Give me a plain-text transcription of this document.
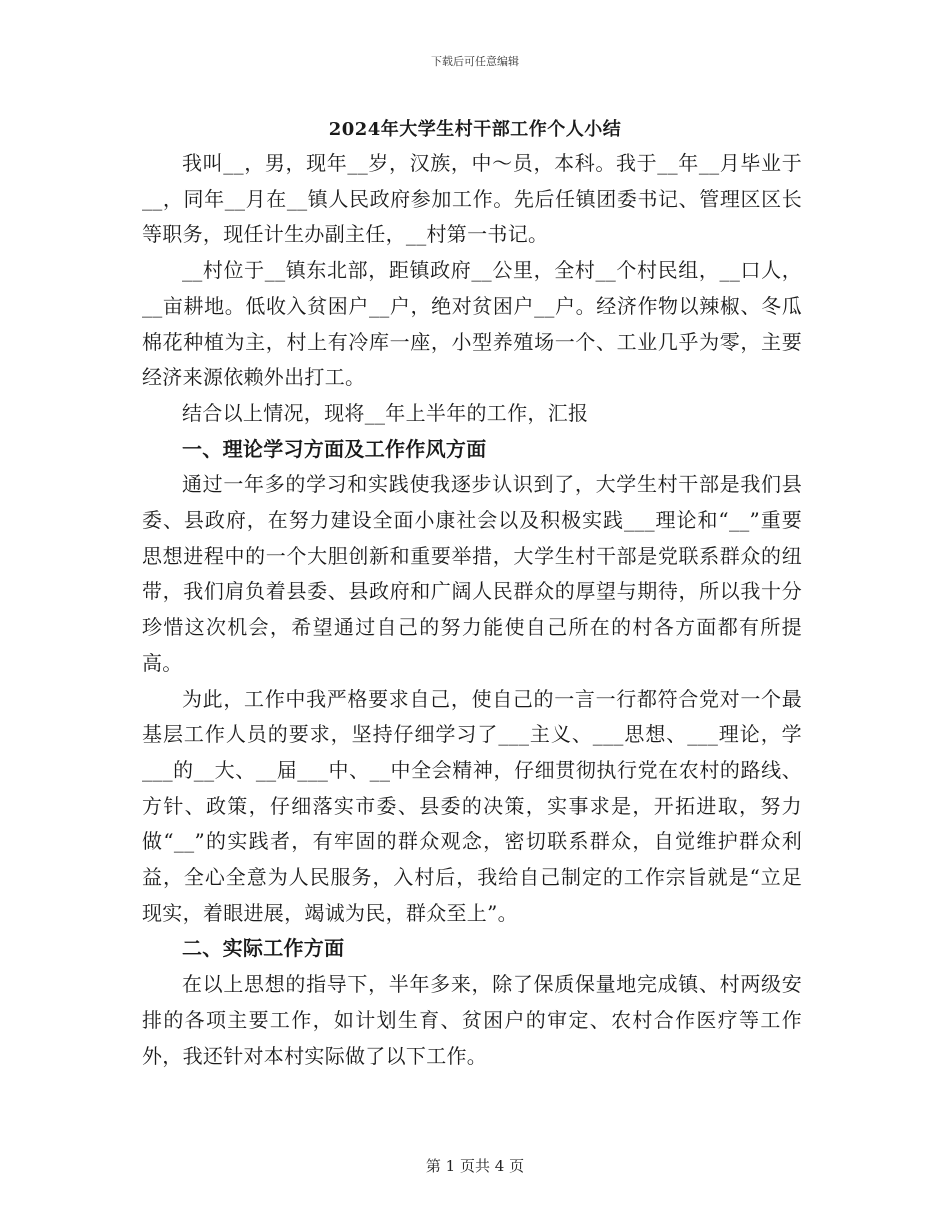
下载后可任意编辑
2024年大学生村干部工作个人小结

我叫__，男，现年__岁，汉族，中～员，本科。我于__年__月毕业于__，同年__月在__镇人民政府参加工作。先后任镇团委书记、管理区区长等职务，现任计生办副主任，__村第一书记。

__村位于__镇东北部，距镇政府__公里，全村__个村民组，__口人，__亩耕地。低收入贫困户__户，绝对贫困户__户。经济作物以辣椒、冬瓜棉花种植为主，村上有冷库一座，小型养殖场一个、工业几乎为零，主要经济来源依赖外出打工。

结合以上情况，现将__年上半年的工作，汇报

一、理论学习方面及工作作风方面

通过一年多的学习和实践使我逐步认识到了，大学生村干部是我们县委、县政府，在努力建设全面小康社会以及积极实践___理论和“__”重要思想进程中的一个大胆创新和重要举措，大学生村干部是党联系群众的纽带，我们肩负着县委、县政府和广阔人民群众的厚望与期待，所以我十分珍惜这次机会，希望通过自己的努力能使自己所在的村各方面都有所提高。

为此，工作中我严格要求自己，使自己的一言一行都符合党对一个最基层工作人员的要求，坚持仔细学习了___主义、___思想、___理论，学___的__大、__届___中、__中全会精神，仔细贯彻执行党在农村的路线、方针、政策，仔细落实市委、县委的决策，实事求是，开拓进取，努力做“__”的实践者，有牢固的群众观念，密切联系群众，自觉维护群众利益，全心全意为人民服务，入村后，我给自己制定的工作宗旨就是“立足现实，着眼进展，竭诚为民，群众至上”。

二、实际工作方面

在以上思想的指导下，半年多来，除了保质保量地完成镇、村两级安排的各项主要工作，如计划生育、贫困户的审定、农村合作医疗等工作外，我还针对本村实际做了以下工作。

第 1 页共 4 页
